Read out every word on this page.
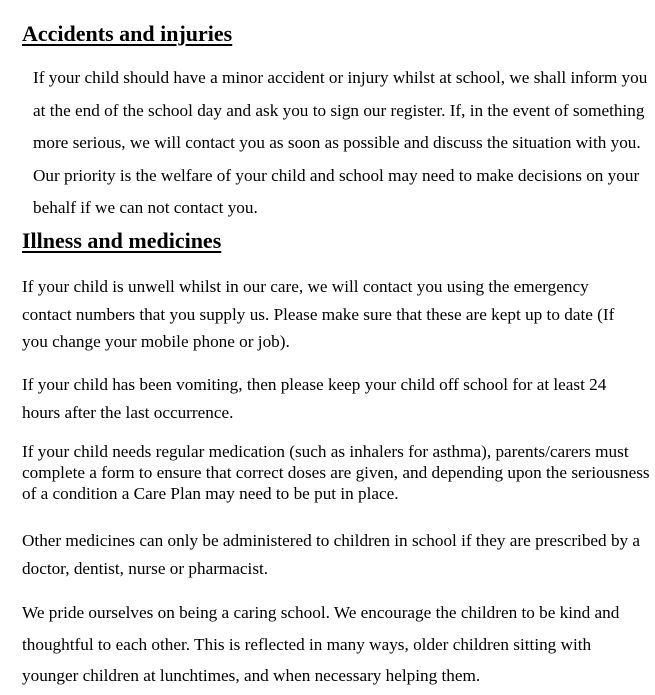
Accidents and injuries

If your child should have a minor accident or injury whilst at school, we shall inform you at the end of the school day and ask you to sign our register. If, in the event of something more serious, we will contact you as soon as possible and discuss the situation with you. Our priority is the welfare of your child and school may need to make decisions on your behalf if we can not contact you.

Illness and medicines

If your child is unwell whilst in our care, we will contact you using the emergency contact numbers that you supply us. Please make sure that these are kept up to date (If you change your mobile phone or job).

If your child has been vomiting, then please keep your child off school for at least 24 hours after the last occurrence.

If your child needs regular medication (such as inhalers for asthma), parents/carers must complete a form to ensure that correct doses are given, and depending upon the seriousness of a condition a Care Plan may need to be put in place.

Other medicines can only be administered to children in school if they are prescribed by a doctor, dentist, nurse or pharmacist.

We pride ourselves on being a caring school. We encourage the children to be kind and thoughtful to each other. This is reflected in many ways, older children sitting with younger children at lunchtimes, and when necessary helping them.
